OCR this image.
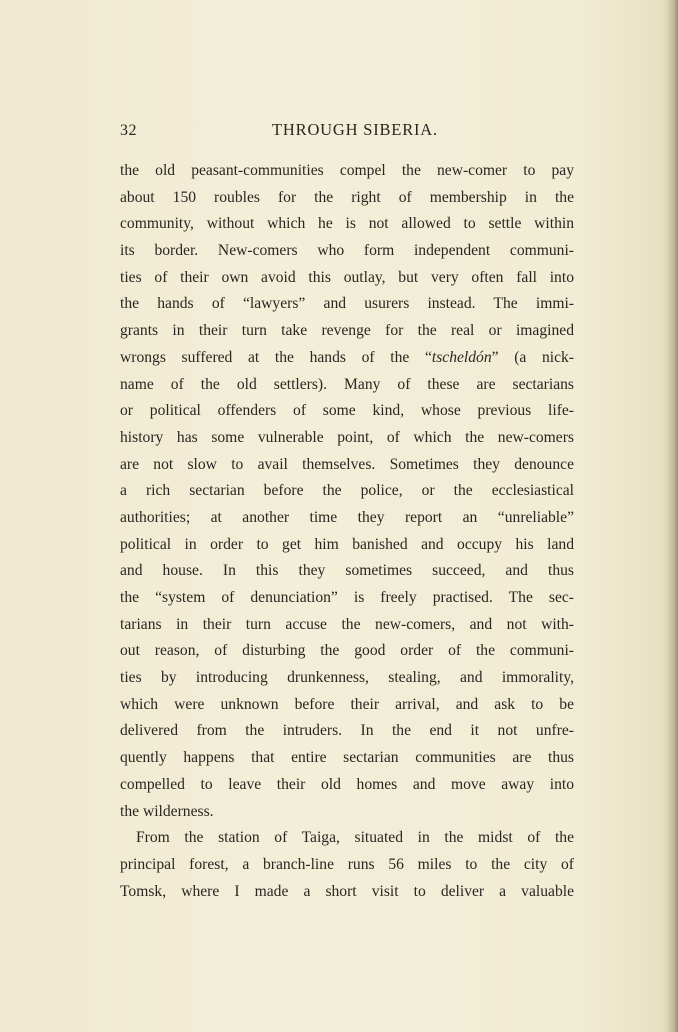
32	THROUGH SIBERIA.
the old peasant-communities compel the new-comer to pay
about 150 roubles for the right of membership in the
community, without which he is not allowed to settle within
its border. New-comers who form independent communi-
ties of their own avoid this outlay, but very often fall into
the hands of “lawyers” and usurers instead. The immi-
grants in their turn take revenge for the real or imagined
wrongs suffered at the hands of the “tscheldón” (a nick-
name of the old settlers). Many of these are sectarians
or political offenders of some kind, whose previous life-
history has some vulnerable point, of which the new-comers
are not slow to avail themselves. Sometimes they denounce
a rich sectarian before the police, or the ecclesiastical
authorities; at another time they report an “unreliable”
political in order to get him banished and occupy his land
and house. In this they sometimes succeed, and thus
the “system of denunciation” is freely practised. The sec-
tarians in their turn accuse the new-comers, and not with-
out reason, of disturbing the good order of the communi-
ties by introducing drunkenness, stealing, and immorality,
which were unknown before their arrival, and ask to be
delivered from the intruders. In the end it not unfre-
quently happens that entire sectarian communities are thus
compelled to leave their old homes and move away into
the wilderness.
From the station of Taiga, situated in the midst of the
principal forest, a branch-line runs 56 miles to the city of
Tomsk, where I made a short visit to deliver a valuable
